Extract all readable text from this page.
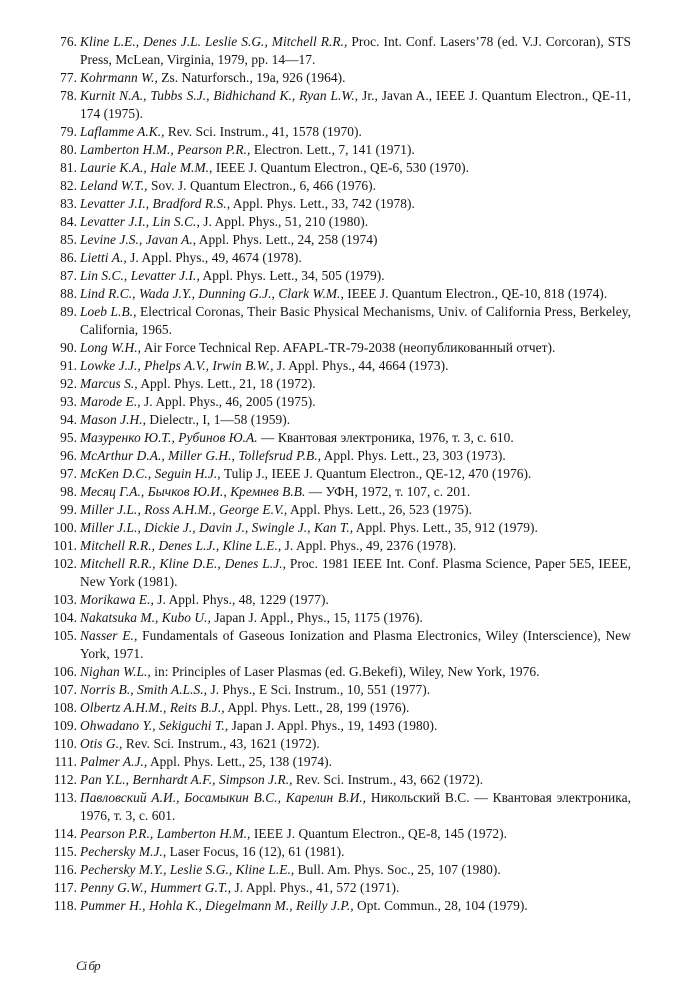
76. Kline L.E., Denes J.L. Leslie S.G., Mitchell R.R., Proc. Int. Conf. Lasers’78 (ed. V.J. Corcoran), STS Press, McLean, Virginia, 1979, pp. 14—17.
77. Kohrmann W., Zs. Naturforsch., 19a, 926 (1964).
78. Kurnit N.A., Tubbs S.J., Bidhichand K., Ryan L.W., Jr., Javan A., IEEE J. Quantum Electron., QE-11, 174 (1975).
79. Laflamme A.K., Rev. Sci. Instrum., 41, 1578 (1970).
80. Lamberton H.M., Pearson P.R., Electron. Lett., 7, 141 (1971).
81. Laurie K.A., Hale M.M., IEEE J. Quantum Electron., QE-6, 530 (1970).
82. Leland W.T., Sov. J. Quantum Electron., 6, 466 (1976).
83. Levatter J.I., Bradford R.S., Appl. Phys. Lett., 33, 742 (1978).
84. Levatter J.I., Lin S.C., J. Appl. Phys., 51, 210 (1980).
85. Levine J.S., Javan A., Appl. Phys. Lett., 24, 258 (1974)
86. Lietti A., J. Appl. Phys., 49, 4674 (1978).
87. Lin S.C., Levatter J.I., Appl. Phys. Lett., 34, 505 (1979).
88. Lind R.C., Wada J.Y., Dunning G.J., Clark W.M., IEEE J. Quantum Electron., QE-10, 818 (1974).
89. Loeb L.B., Electrical Coronas, Their Basic Physical Mechanisms, Univ. of California Press, Berkeley, California, 1965.
90. Long W.H., Air Force Technical Rep. AFAPL-TR-79-2038 (неопубликованный отчет).
91. Lowke J.J., Phelps A.V., Irwin B.W., J. Appl. Phys., 44, 4664 (1973).
92. Marcus S., Appl. Phys. Lett., 21, 18 (1972).
93. Marode E., J. Appl. Phys., 46, 2005 (1975).
94. Mason J.H., Dielectr., I, 1—58 (1959).
95. Мазуренко Ю.Т., Рубинов Ю.А. — Квантовая электроника, 1976, т. 3, с. 610.
96. McArthur D.A., Miller G.H., Tollefsrud P.B., Appl. Phys. Lett., 23, 303 (1973).
97. McKen D.C., Seguin H.J., Tulip J., IEEE J. Quantum Electron., QE-12, 470 (1976).
98. Месяц Г.А., Бычков Ю.И., Кремнев В.В. — УФН, 1972, т. 107, с. 201.
99. Miller J.L., Ross A.H.M., George E.V., Appl. Phys. Lett., 26, 523 (1975).
100. Miller J.L., Dickie J., Davin J., Swingle J., Kan T., Appl. Phys. Lett., 35, 912 (1979).
101. Mitchell R.R., Denes L.J., Kline L.E., J. Appl. Phys., 49, 2376 (1978).
102. Mitchell R.R., Kline D.E., Denes L.J., Proc. 1981 IEEE Int. Conf. Plasma Science, Paper 5E5, IEEE, New York (1981).
103. Morikawa E., J. Appl. Phys., 48, 1229 (1977).
104. Nakatsuka M., Kubo U., Japan J. Appl., Phys., 15, 1175 (1976).
105. Nasser E., Fundamentals of Gaseous Ionization and Plasma Electronics, Wiley (Interscience), New York, 1971.
106. Nighan W.L., in: Principles of Laser Plasmas (ed. G.Bekefi), Wiley, New York, 1976.
107. Norris B., Smith A.L.S., J. Phys., E Sci. Instrum., 10, 551 (1977).
108. Olbertz A.H.M., Reits B.J., Appl. Phys. Lett., 28, 199 (1976).
109. Ohwadano Y., Sekiguchi T., Japan J. Appl. Phys., 19, 1493 (1980).
110. Otis G., Rev. Sci. Instrum., 43, 1621 (1972).
111. Palmer A.J., Appl. Phys. Lett., 25, 138 (1974).
112. Pan Y.L., Bernhardt A.F., Simpson J.R., Rev. Sci. Instrum., 43, 662 (1972).
113. Павловский А.И., Босамыкин В.С., Карелин В.И., Никольский В.С. — Квантовая электроника, 1976, т. 3, с. 601.
114. Pearson P.R., Lamberton H.M., IEEE J. Quantum Electron., QE-8, 145 (1972).
115. Pechersky M.J., Laser Focus, 16 (12), 61 (1981).
116. Pechersky M.Y., Leslie S.G., Kline L.E., Bull. Am. Phys. Soc., 25, 107 (1980).
117. Penny G.W., Hummert G.T., J. Appl. Phys., 41, 572 (1971).
118. Pummer H., Hohla K., Diegelmann M., Reilly J.P., Opt. Commun., 28, 104 (1979).
Cі бр
